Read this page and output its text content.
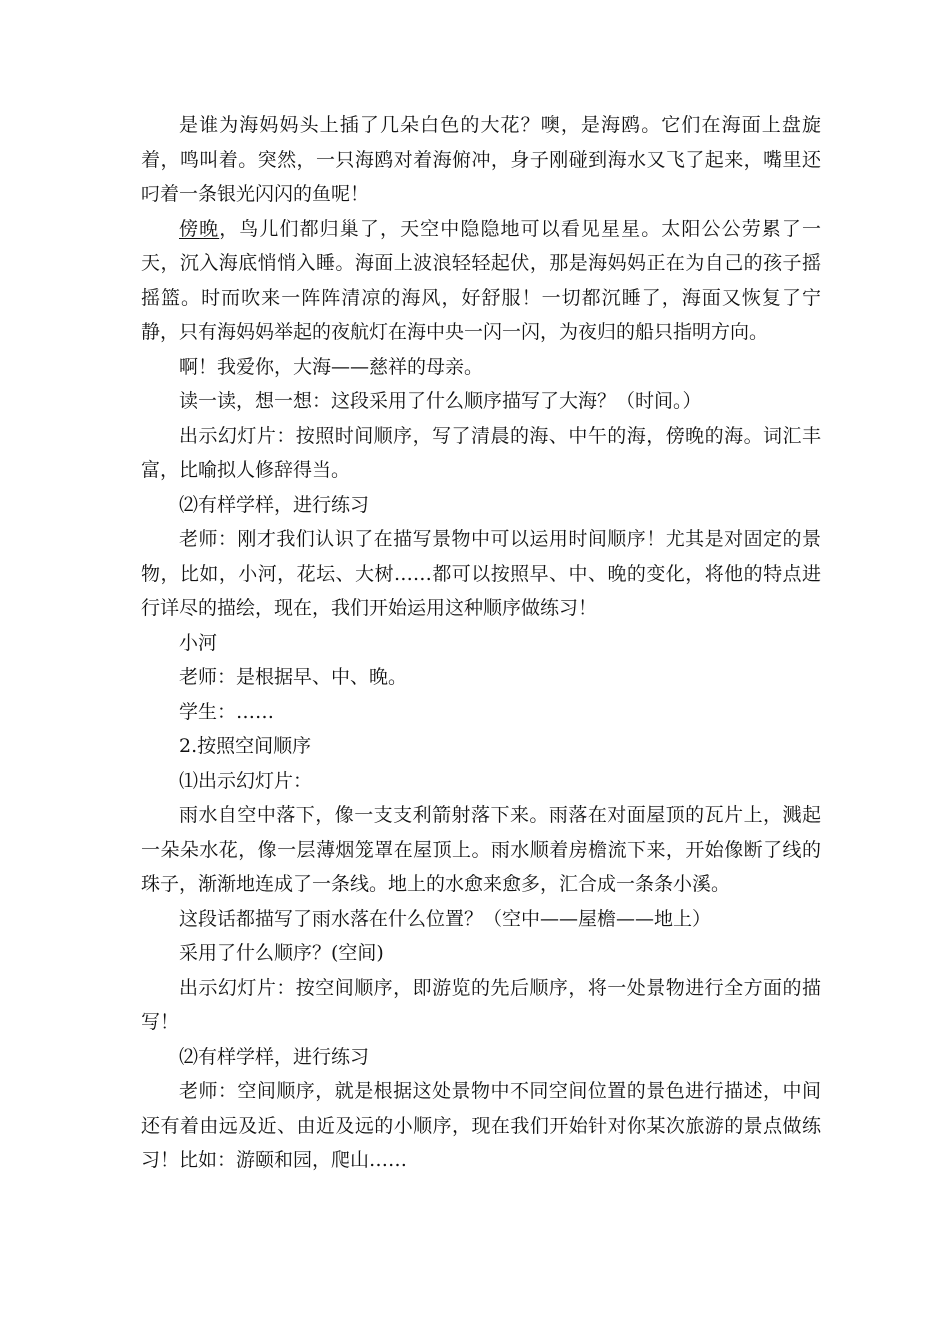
是谁为海妈妈头上插了几朵白色的大花？噢，是海鸥。它们在海面上盘旋着，鸣叫着。突然，一只海鸥对着海俯冲，身子刚碰到海水又飞了起来，嘴里还叼着一条银光闪闪的鱼呢！

傍晚，鸟儿们都归巢了，天空中隐隐地可以看见星星。太阳公公劳累了一天，沉入海底悄悄入睡。海面上波浪轻轻起伏，那是海妈妈正在为自己的孩子摇摇篮。时而吹来一阵阵清凉的海风，好舒服！一切都沉睡了，海面又恢复了宁静，只有海妈妈举起的夜航灯在海中央一闪一闪，为夜归的船只指明方向。

啊！我爱你，大海——慈祥的母亲。

读一读，想一想：这段采用了什么顺序描写了大海？（时间。）

出示幻灯片：按照时间顺序，写了清晨的海、中午的海，傍晚的海。词汇丰富，比喻拟人修辞得当。

⑵有样学样，进行练习

老师：刚才我们认识了在描写景物中可以运用时间顺序！尤其是对固定的景物，比如，小河，花坛、大树……都可以按照早、中、晚的变化，将他的特点进行详尽的描绘，现在，我们开始运用这种顺序做练习！

小河

老师：是根据早、中、晚。

学生：……

2.按照空间顺序

⑴出示幻灯片：

雨水自空中落下，像一支支利箭射落下来。雨落在对面屋顶的瓦片上，溅起一朵朵水花，像一层薄烟笼罩在屋顶上。雨水顺着房檐流下来，开始像断了线的珠子，渐渐地连成了一条线。地上的水愈来愈多，汇合成一条条小溪。

这段话都描写了雨水落在什么位置？（空中——屋檐——地上）

采用了什么顺序？(空间)

出示幻灯片：按空间顺序，即游览的先后顺序，将一处景物进行全方面的描写！

⑵有样学样，进行练习

老师：空间顺序，就是根据这处景物中不同空间位置的景色进行描述，中间还有着由远及近、由近及远的小顺序，现在我们开始针对你某次旅游的景点做练习！比如：游颐和园，爬山……
